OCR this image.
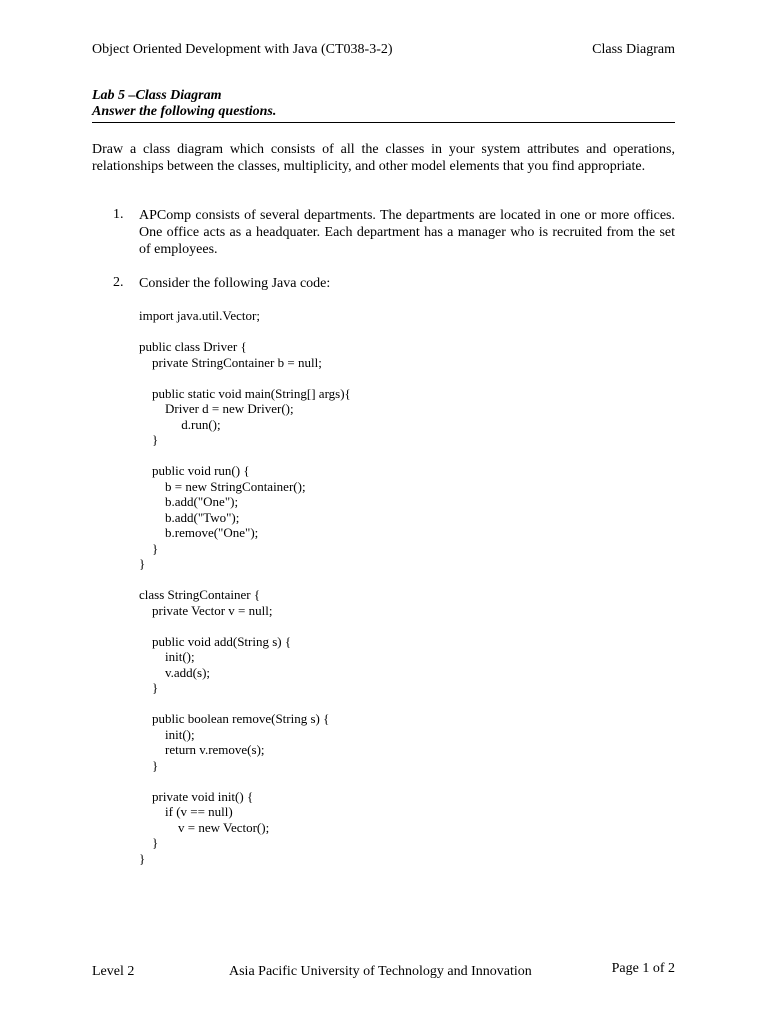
Object Oriented Development with Java (CT038-3-2)	Class Diagram
Lab 5 –Class Diagram
Answer the following questions.

Draw a class diagram which consists of all the classes in your system attributes and operations, relationships between the classes, multiplicity, and other model elements that you find appropriate.

1. APComp consists of several departments. The departments are located in one or more offices. One office acts as a headquater. Each department has a manager who is recruited from the set of employees.

2. Consider the following Java code:

import java.util.Vector;
public class Driver {
private StringContainer b = null;
public static void main(String[] args){
Driver d = new Driver();
d.run();
}
public void run() {
b = new StringContainer();
b.add("One");
b.add("Two");
b.remove("One");
}
}
class StringContainer {
private Vector v = null;
public void add(String s) {
init();
v.add(s);
}
public boolean remove(String s) {
init();
return v.remove(s);
}
private void init() {
if (v == null)
v = new Vector();
}
}
Level 2	Asia Pacific University of Technology and Innovation	Page 1 of 2
